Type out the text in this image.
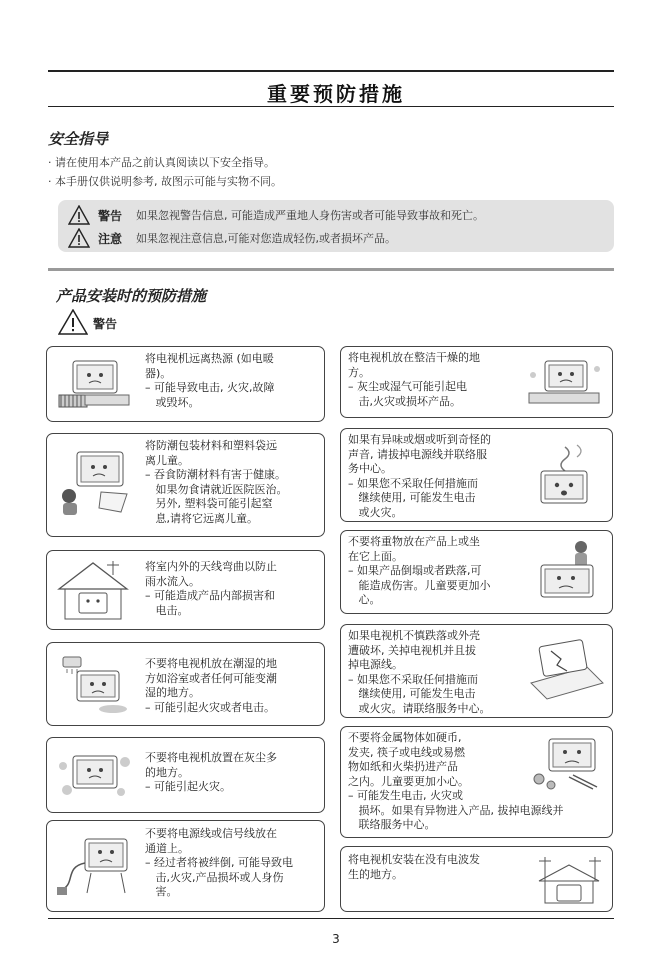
重要预防措施
安全指导
· 请在使用本产品之前认真阅读以下安全指导。
· 本手册仅供说明参考, 故图示可能与实物不同。
警告	如果忽视警告信息, 可能造成严重地人身伤害或者可能导致事故和死亡。
注意	如果忽视注意信息,可能对您造成轻伤,或者损坏产品。
产品安装时的预防措施
警告
将电视机远离热源 (如电暖
器)。
– 可能导致电击, 火灾,故障
或毁坏。
将防潮包装材料和塑料袋远
离儿童。
– 吞食防潮材料有害于健康。
如果勿食请就近医院医治。
另外, 塑料袋可能引起窒
息,请将它远离儿童。
将室内外的天线弯曲以防止
雨水流入。
– 可能造成产品内部损害和
电击。
不要将电视机放在潮湿的地
方如浴室或者任何可能变潮
湿的地方。
– 可能引起火灾或者电击。
不要将电视机放置在灰尘多
的地方。
– 可能引起火灾。
不要将电源线或信号线放在
通道上。
– 经过者将被绊倒, 可能导致电
击,火灾,产品损坏或人身伤
害。
将电视机放在整洁干燥的地
方。
– 灰尘或湿气可能引起电
击,火灾或损坏产品。
如果有异味或烟或听到奇怪的
声音, 请拔掉电源线并联络服
务中心。
– 如果您不采取任何措施而
继续使用, 可能发生电击
或火灾。
不要将重物放在产品上或坐
在它上面。
– 如果产品倒塌或者跌落,可
能造成伤害。儿童要更加小
心。
如果电视机不慎跌落或外壳
遭破坏, 关掉电视机并且拔
掉电源线。
– 如果您不采取任何措施而
继续使用, 可能发生电击
或火灾。请联络服务中心。
不要将金属物体如硬币,
发夹, 筷子或电线或易燃
物如纸和火柴扔进产品
之内。儿童要更加小心。
– 可能发生电击, 火灾或
损坏。如果有异物进入产品, 拔掉电源线并
联络服务中心。
将电视机安装在没有电波发
生的地方。
3
